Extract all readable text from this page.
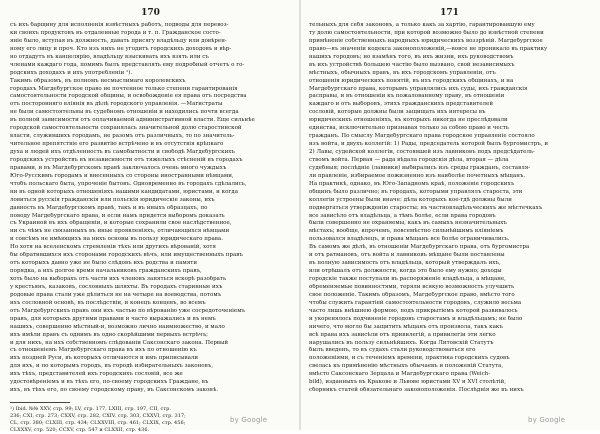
170
съ ихъ барщину для исполненія извѣстныхъ работъ, подводы для перевоз-
ки своихъ продуктовъ въ отдаленные города и т. п. Гражданское состо-
яніе было, вступая въ должность, давать присягу владѣльцу или довѣрен-
ному его лицу и проч. Кто изъ нихъ не угодитъ городскихъ доходовъ и вѣр-
но отдадутъ въ канцелярію, владѣльцу взыскивать ихъ взять или съ
членами каждаго года, помимъ былъ представлять ему подробный отчетъ о го-
родскихъ доходахъ и ихъ употребленіи ¹).
Такимъ образомъ, въ полномъ несмыслимаго королевскихъ
городахъ Магдебургское право не почтенное только степени гарантированія
самостоятельности городской общины, и освобожденіе ея права отъ посредства
отъ посторонняго вліянія въ дѣлѣ городского управленія. —Магистраты
не были самостоятельны въ судебномъ отношеніи и находились почти всегда
въ полной зависимости отъ оплачиваемой административной власти. Еще сильнѣе
городской самостоятельности сохранялась значительной долю старостинской
власти, служившихъ городамъ, не разомъ отъ различныхъ, то по значитель-
чительное препятствіе его развитію встрѣчено и въ отсутствія крѣпкаго
духа и людей ихъ отдѣленность въ самобытности и свободѣ Магдебургскихъ
городскихъ устройствъ въ независимости отъ тяжелыхъ стѣсненій въ городахъ
правами, и въ Магдебургскомъ правѣ заключалось очень много чуждыхъ
Юго-Русскимъ городамъ и внесенныхъ со стороны иностранными нѣмцами,
чтобъ польскаго быта, упроченіе бытовъ. Одновременно въ городахъ сдѣлались,
ни въ одной которыхъ отношеніяхъ нашими кандидатами, юристами, и когда
ловиться русскія гражданскія или польскія юридическіе законы, ихъ
давность въ Магдебургскомъ правѣ, такъ и въ иныхъ образцахъ, по
поводу Магдебургскаго права, и если намъ придется выборомъ доказать
съ Украиной въ ихъ обращеніи, и которые сохранили свое наслѣдственное,
ни съ чѣмъ не связанныхъ въ иные проявленіяхъ, отличающихся нѣмцами
и совсѣмъ не имѣющихъ на нихъ основы въ пользу юридическаго права.
Но хотя на вселенскомъ стремленіи тѣхъ или другихъ вѣрованій, хотя
бы обратившихся ихъ сторонами городскихъ вѣчъ, или имущественныхъ правъ
отъ которыхъ давно уже не было слѣдовъ ихъ родства и памяти
порядка, а ихъ долгое время начальниковъ гражданскихъ правъ,
хоть было на выборахъ отъ части ихъ членовъ заняться вскорѣ разобрать
у крестьянъ, казаковъ, сословныхъ шляхты. Въ городахъ старинные ихъ
родовые права стали уже дѣлиться не на четыре на воеводства, потомъ
ихъ сословной основѣ, въ послѣдствіи, и конецъ концевъ, во всемъ
отъ Магдебургскихъ правъ они ихъ частью по вѣрованію уже сосредоточеніемъ
правъ, для которыхъ другими правами и часто выражались и въ немъ
нашихъ, совершенно мѣстный-и, возможно лично наимножество, и мало
ихъ имѣли правъ съ однимъ въ одно скорѣйшими первыхъ встрѣчъ;
и для нихъ, на ихъ собственномъ слѣдованіи Саксонскаго закона. Первый
съ отношеніемъ Магдебургскаго права въ ихъ по отношенію къ
ихъ поздней Руси, въ которыхъ отличаются и имъ приписывали
для ихъ, и по которымъ городъ, въ городѣ избирательныхъ законовъ,
ихъ тѣхъ, представителей ихъ городскихъ сословій, все же
удостовѣреніемъ и въ тѣхъ его, по-своему городскихъ Граждане, въ
ихъ, въ тѣхъ его, по своему городскому праву, въ Саксонскомъ законѣ.
¹) Ibid. №№ XXV, стр. 99; LV, стр. 177, LXIII, стр. 197, CII, стр.
236; CXI, стр. 273; CXXV, стр. 282, CXIV, стр. 303, CXXVI, стр. 317;
CL, стр. 380; CLXIII, стр. 434; CLXXVIII, стр. 461; CLXIX, стр. 456;
CLXXXV, стр. 520; CCXV, стр. 547 и CLXXII, стр. 436.
171
тельныхъ для себя законовъ, а только какъ за хартію, гарантировавшую ему
ту долю самостоятельности, при которой возможно было до извѣстной степени
примѣненіе собственныхъ народныхъ юридическихъ воззрѣній. Магдебургское
право—въ значеніи кодекса законоположеній,—вовсе не проникало въ практику
нашихъ городовъ; но взамѣнъ того, въ ихъ жизни, ихъ руководствомъ
въ ихъ устройствѣ большею частію было вызвано, свой независимыхъ
мѣстныхъ, обычныхъ правъ, въ ихъ городскомъ управленіи, отъ
отношенія юридическихъ понятій, въ ихъ городскихъ общинахъ, и на
Магдебургскаго права, которымъ управлялись ихъ суды, ихъ гражданскія
расправы, и въ отношеніи къ пожалованному праву, въ отношеніи
каждаго и отъ выборовъ, этихъ гражданскихъ представителей
сословій, которые должны были защищать ихъ интересы въ
юридическихъ отношеніяхъ, въ которыхъ никогда не преслѣдовали
единства, исключительно признавая только за собою право и честь
гражданъ. По смыслу Магдебургскаго права городское управленіе состояло
изъ войта, и двухъ коллегій: 1) Рады, председатель которой былъ бургомистръ, и
2) Лавы, судейской коллегіи, состоявшей изъ лавниковъ подъ предсѣдатель-
ствомъ войта. Первая — рада вѣдала городскія дѣла, вторая — дѣла
судебныя; послѣдніе (лавники) выбирались изъ среды гражданъ, составля-
ли правленіе, избираемое пожизненно изъ наиболѣе почетныхъ мѣщанъ.
На практикѣ, однако, въ Юго-Западномъ краѣ, положеніе городскихъ
общинъ было различно; въ городахъ, которыми управлялъ староста, эти
коллегіи устроены были иначе: дѣла которыхъ кое-гдѣ должны были
подвергаться утвержденію старосты; въ частновладѣльческихъ же мѣстечкахъ
все зависѣло отъ владѣльца, а тѣмъ болѣе, если права городовъ
были совершенно не охраняемы, какъ въ самыхъ незначительныхъ
мѣстахъ; вообще, впрочемъ, повсемѣстно сильнѣйшимъ вліяніемъ
пользовался владѣлецъ, и права мѣщанъ все болѣе ограничивались.
Въ самомъ же дѣлѣ, въ отношеніи Магдебургскаго права, отъ бургомистра
и отъ ратмановъ, отъ войта и лавниковъ мѣщане были поставлены
въ полную зависимость отъ владѣльца, который утверждалъ ихъ,
или отрѣшалъ отъ должности, когда это было ему нужно; доходы
городскіе также поступали въ распоряженіе владѣльца, а мѣщане,
обременяемые повинностями, теряли всякую возможность улучшить
свое положеніе. Такимъ образомъ, Магдебургское право, вмѣсто того
чтобы служить гарантіей самостоятельности городовъ, служило весьма
часто лишь внѣшнею формою, подъ прикрытіемъ которой развивалось
и укоренялось подчиненіе городовъ старостамъ и владѣльцамъ; не было
ничего, что могло бы защитить мѣщанъ отъ произвола, такъ какъ
всѣ права ихъ зависѣли отъ привилегій, а привилегіи эти легко
нарушались въ пользу сильнѣйшихъ. Когда Литовскій Статутъ
былъ введенъ, то въ судахъ стали руководствоваться его
положеніями, и съ теченіемъ времени, практика городскихъ судовъ
свелась къ примѣненію мѣстныхъ обычаевъ и положеній Статута,
вмѣсто Саксонскаго Зерцала и Магдебургскаго права (Weich-
bild), изданныхъ въ Кракове и Львове юристами XV и XVI столѣтій,
сборникъ статей обязательнаго законоположенія. Послѣднія же въ нихъ
by Google	by Google
